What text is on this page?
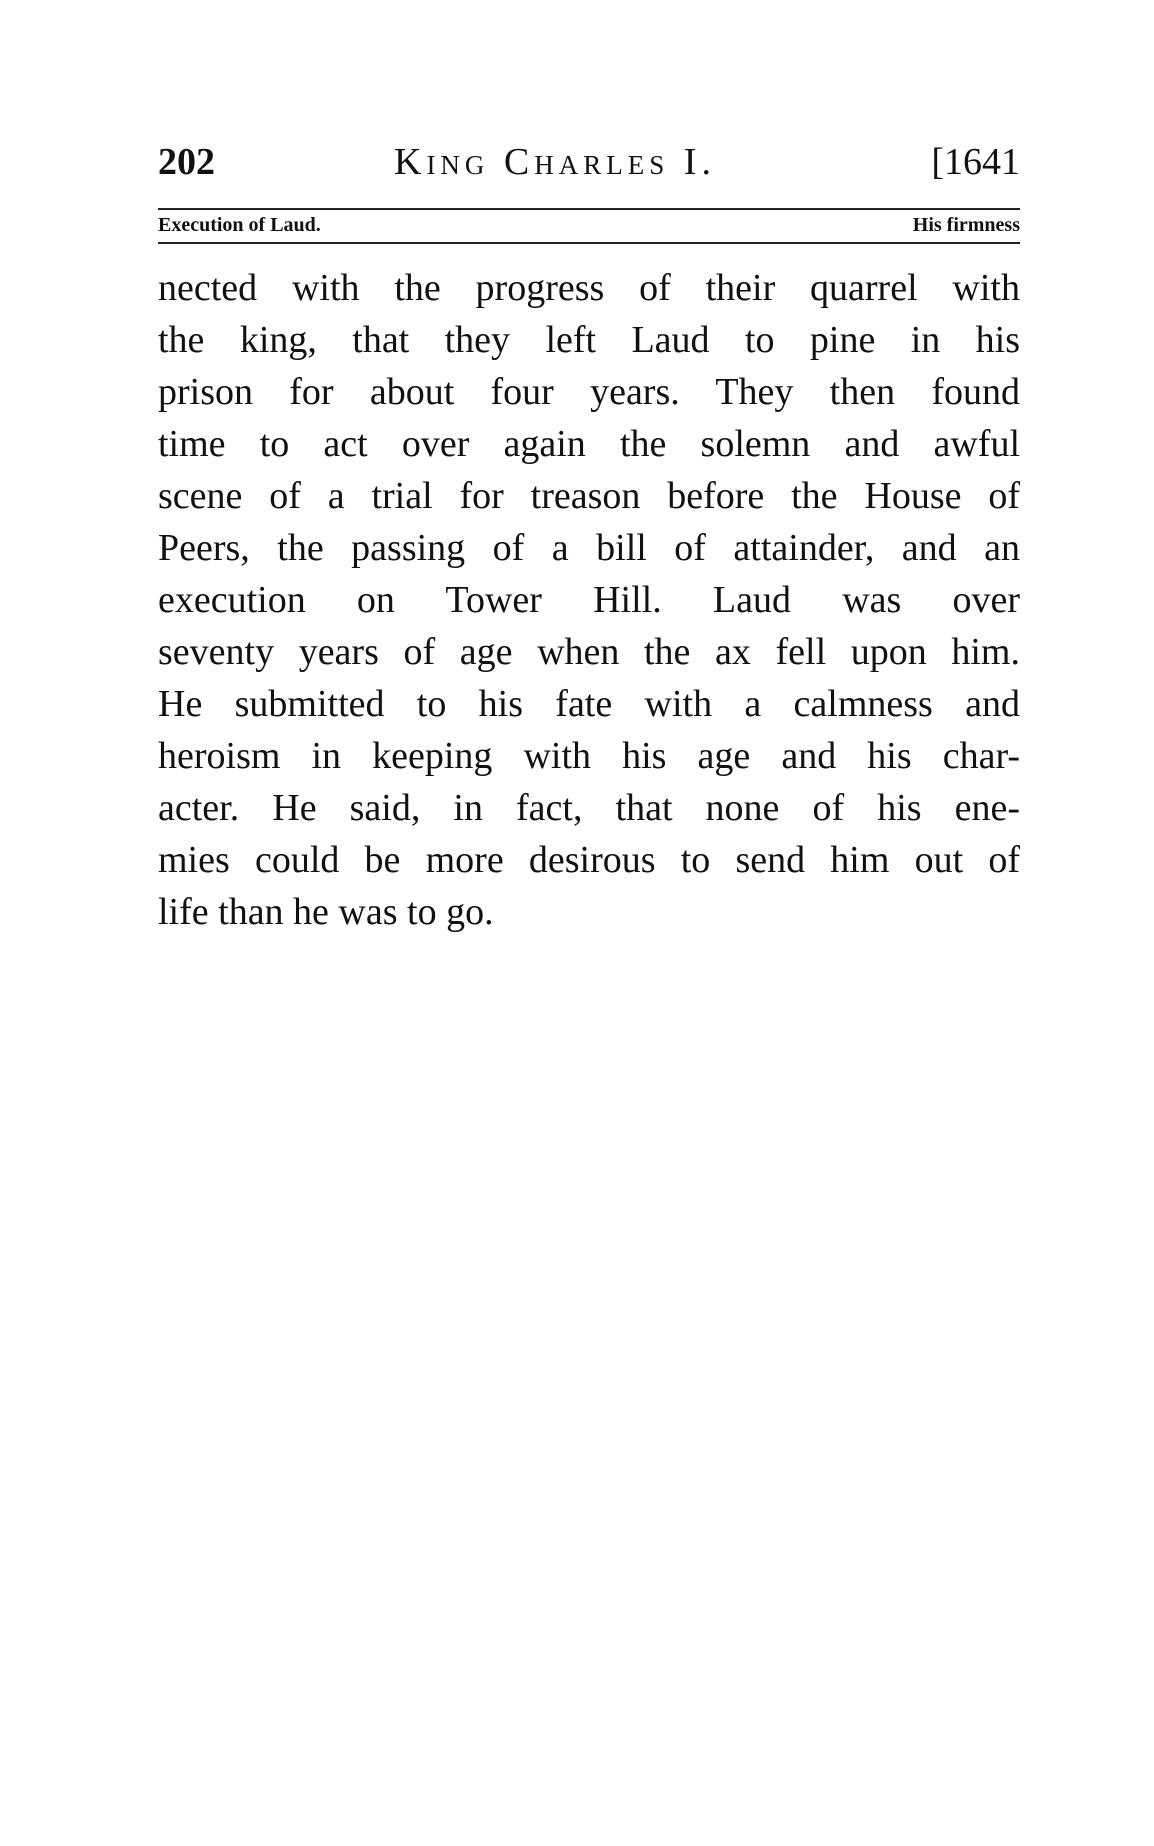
202	King Charles I.	[1641
Execution of Laud.	His firmness
nected with the progress of their quarrel with
the king, that they left Laud to pine in his
prison for about four years. They then found
time to act over again the solemn and awful
scene of a trial for treason before the House of
Peers, the passing of a bill of attainder, and an
execution on Tower Hill. Laud was over
seventy years of age when the ax fell upon him.
He submitted to his fate with a calmness and
heroism in keeping with his age and his char-
acter. He said, in fact, that none of his ene-
mies could be more desirous to send him out of
life than he was to go.
